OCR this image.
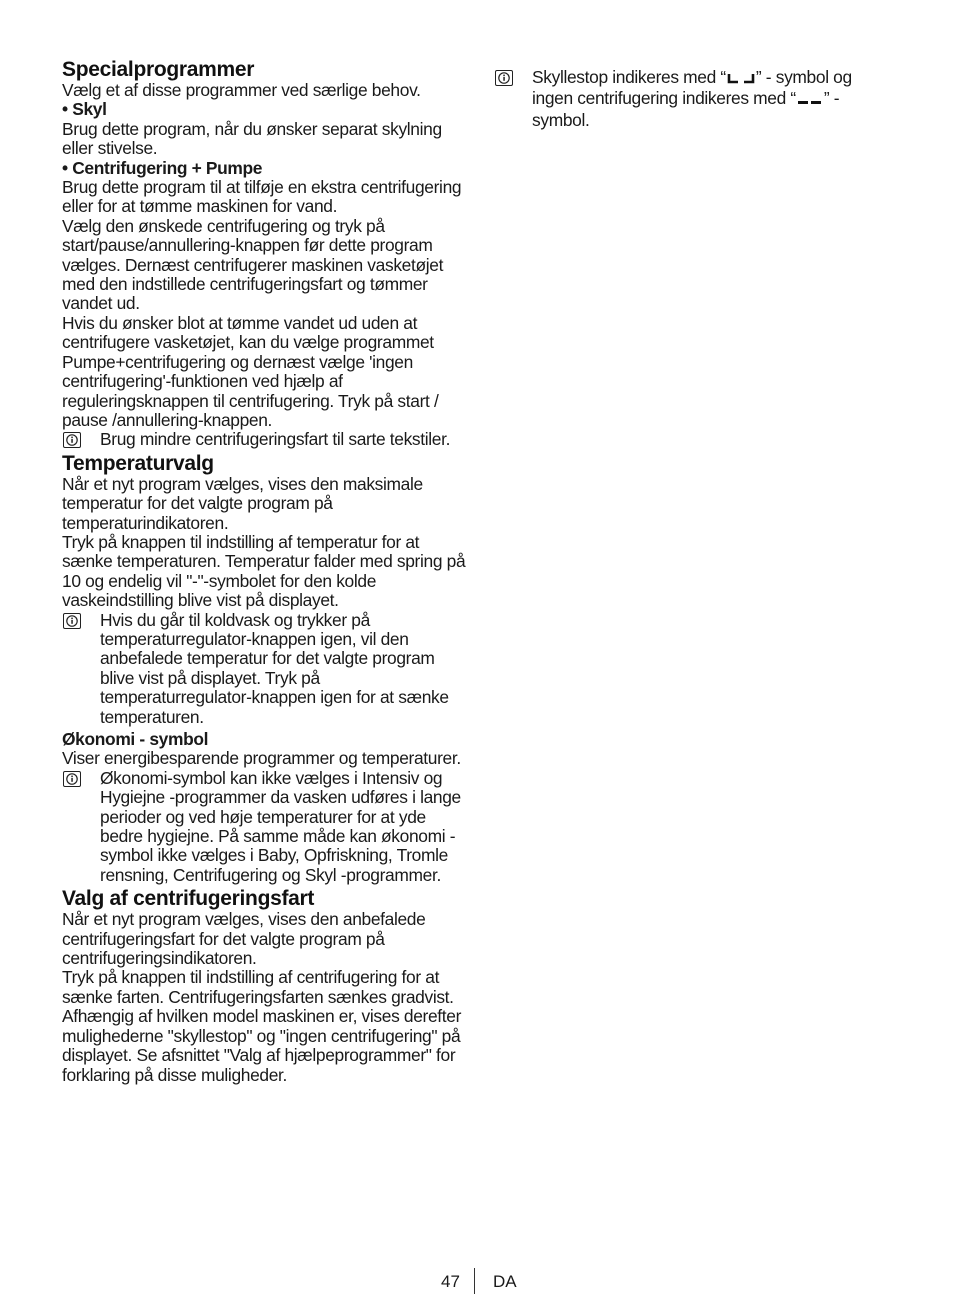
Specialprogrammer

Vælg et af disse programmer ved særlige behov.

• Skyl

Brug dette program, når du ønsker separat skylning eller stivelse.

• Centrifugering + Pumpe

Brug dette program til at tilføje en ekstra centrifugering eller for at tømme maskinen for vand.

Vælg den ønskede centrifugering og tryk på start/pause/annullering-knappen før dette program vælges. Dernæst centrifugerer maskinen vasketøjet med den indstillede centrifugeringsfart og tømmer vandet ud.

Hvis du ønsker blot at tømme vandet ud uden at centrifugere vasketøjet, kan du vælge programmet Pumpe+centrifugering og dernæst vælge 'ingen centrifugering'-funktionen ved hjælp af reguleringsknappen til centrifugering. Tryk på start / pause /annullering-knappen.

Brug mindre centrifugeringsfart til sarte tekstiler.
Temperaturvalg

Når et nyt program vælges, vises den maksimale temperatur for det valgte program på temperaturindikatoren.

Tryk på knappen til indstilling af temperatur for at sænke temperaturen. Temperatur falder med spring på 10 og endelig vil "-"-symbolet for den kolde vaskeindstilling blive vist på displayet.

Hvis du går til koldvask og trykker på temperaturregulator-knappen igen, vil den anbefalede temperatur for det valgte program blive vist på displayet. Tryk på temperaturregulator-knappen igen for at sænke temperaturen.

Økonomi - symbol

Viser energibesparende programmer og temperaturer.

Økonomi-symbol kan ikke vælges i Intensiv og Hygiejne -programmer da vasken udføres i lange perioder og ved høje temperaturer for at yde bedre hygiejne. På samme måde kan økonomi - symbol ikke vælges i Baby, Opfriskning, Tromle rensning, Centrifugering og Skyl -programmer.
Valg af centrifugeringsfart

Når et nyt program vælges, vises den anbefalede centrifugeringsfart for det valgte program på centrifugeringsindikatoren.

Tryk på knappen til indstilling af centrifugering for at sænke farten. Centrifugeringsfarten sænkes gradvist. Afhængig af hvilken model maskinen er, vises derefter mulighederne "skyllestop" og "ingen centrifugering" på displayet. Se afsnittet "Valg af hjælpeprogrammer" for forklaring på disse muligheder.

Skyllestop indikeres med “ ” - symbol og ingen centrifugering indikeres med “ ” -symbol.
47 DA
